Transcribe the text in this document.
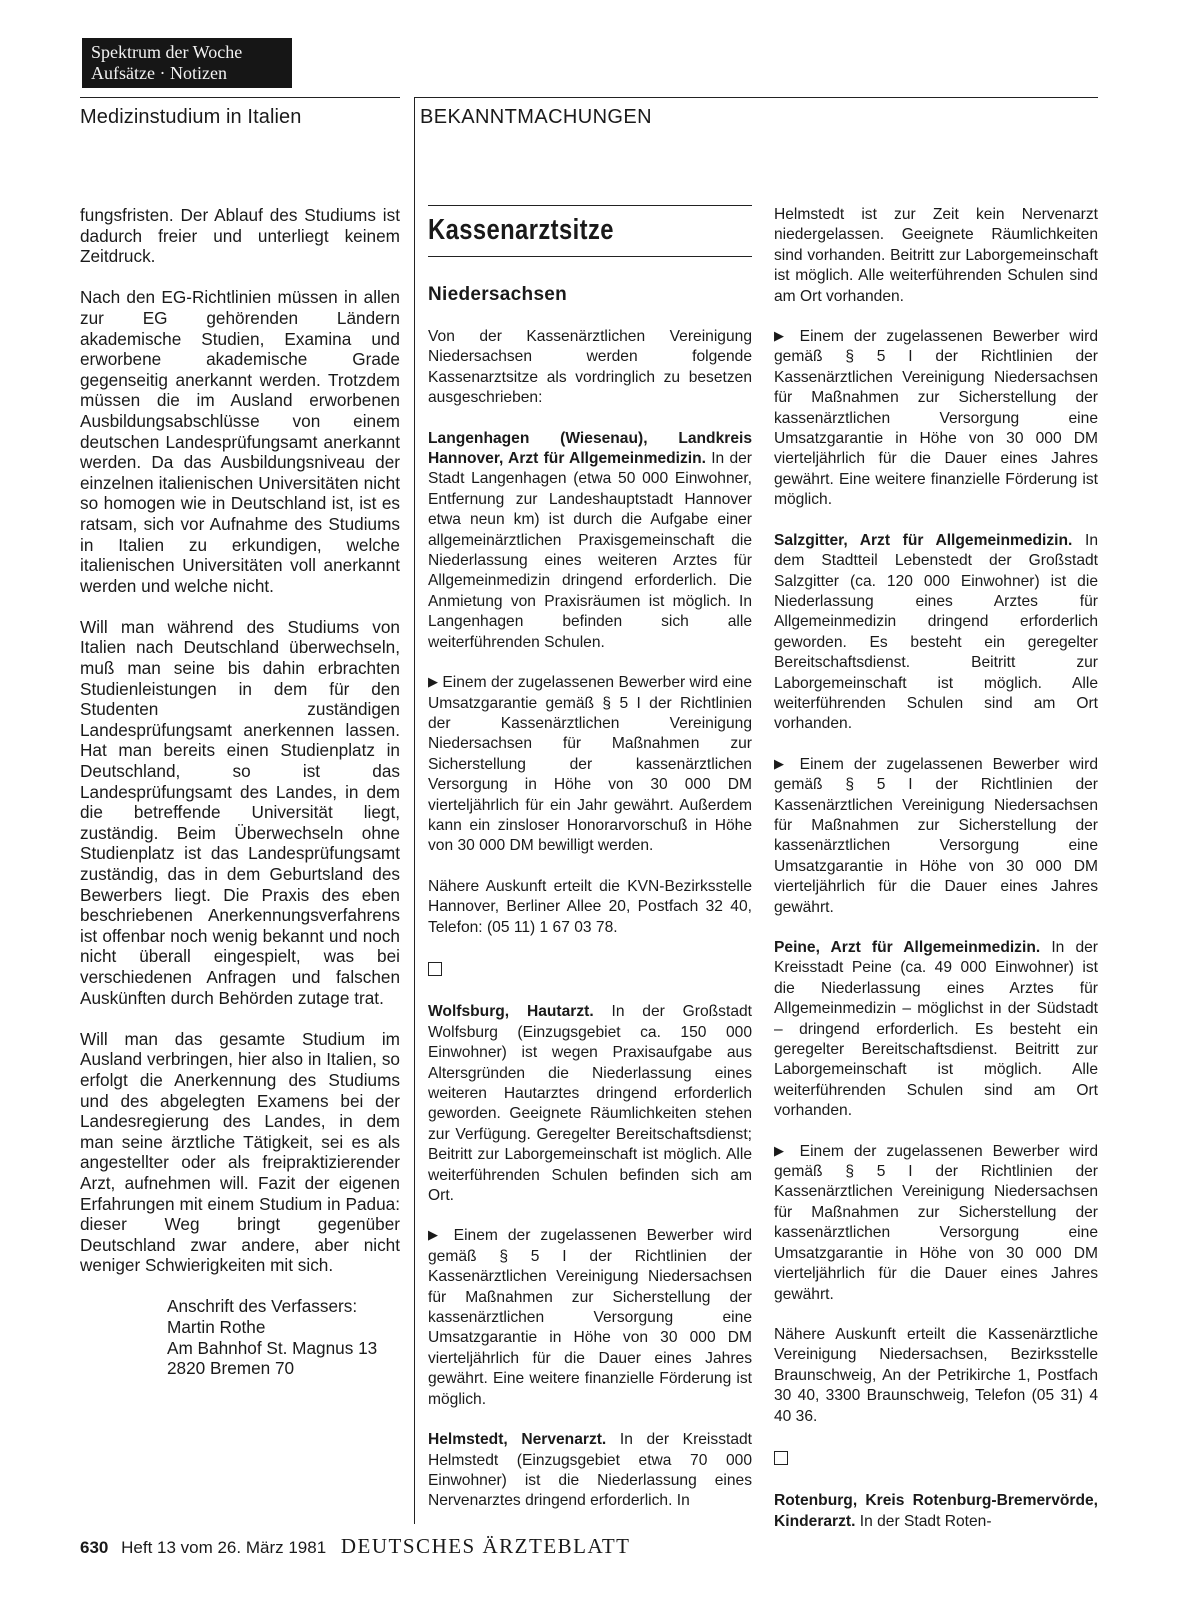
Spektrum der Woche
Aufsätze · Notizen
Medizinstudium in Italien	BEKANNTMACHUNGEN

fungsfristen. Der Ablauf des Studiums ist dadurch freier und unterliegt keinem Zeitdruck.

Nach den EG-Richtlinien müssen in allen zur EG gehörenden Ländern akademische Studien, Examina und erworbene akademische Grade gegenseitig anerkannt werden. Trotzdem müssen die im Ausland erworbenen Ausbildungsabschlüsse von einem deutschen Landesprüfungsamt anerkannt werden. Da das Ausbildungsniveau der einzelnen italienischen Universitäten nicht so homogen wie in Deutschland ist, ist es ratsam, sich vor Aufnahme des Studiums in Italien zu erkundigen, welche italienischen Universitäten voll anerkannt werden und welche nicht.

Will man während des Studiums von Italien nach Deutschland überwechseln, muß man seine bis dahin erbrachten Studienleistungen in dem für den Studenten zuständigen Landesprüfungsamt anerkennen lassen. Hat man bereits einen Studienplatz in Deutschland, so ist das Landesprüfungsamt des Landes, in dem die betreffende Universität liegt, zuständig. Beim Überwechseln ohne Studienplatz ist das Landesprüfungsamt zuständig, das in dem Geburtsland des Bewerbers liegt. Die Praxis des eben beschriebenen Anerkennungsverfahrens ist offenbar noch wenig bekannt und noch nicht überall eingespielt, was bei verschiedenen Anfragen und falschen Auskünften durch Behörden zutage trat.

Will man das gesamte Studium im Ausland verbringen, hier also in Italien, so erfolgt die Anerkennung des Studiums und des abgelegten Examens bei der Landesregierung des Landes, in dem man seine ärztliche Tätigkeit, sei es als angestellter oder als freipraktizierender Arzt, aufnehmen will. Fazit der eigenen Erfahrungen mit einem Studium in Padua: dieser Weg bringt gegenüber Deutschland zwar andere, aber nicht weniger Schwierigkeiten mit sich.

Anschrift des Verfassers:
Martin Rothe
Am Bahnhof St. Magnus 13
2820 Bremen 70
Kassenarztsitze
Niedersachsen

Von der Kassenärztlichen Vereinigung Niedersachsen werden folgende Kassenarztsitze als vordringlich zu besetzen ausgeschrieben:

Langenhagen (Wiesenau), Landkreis Hannover, Arzt für Allgemeinmedizin. In der Stadt Langenhagen (etwa 50 000 Einwohner, Entfernung zur Landeshauptstadt Hannover etwa neun km) ist durch die Aufgabe einer allgemeinärztlichen Praxisgemeinschaft die Niederlassung eines weiteren Arztes für Allgemeinmedizin dringend erforderlich. Die Anmietung von Praxisräumen ist möglich. In Langenhagen befinden sich alle weiterführenden Schulen.

▶ Einem der zugelassenen Bewerber wird eine Umsatzgarantie gemäß § 5 I der Richtlinien der Kassenärztlichen Vereinigung Niedersachsen für Maßnahmen zur Sicherstellung der kassenärztlichen Versorgung in Höhe von 30 000 DM vierteljährlich für ein Jahr gewährt. Außerdem kann ein zinsloser Honorarvorschuß in Höhe von 30 000 DM bewilligt werden.

Nähere Auskunft erteilt die KVN-Bezirksstelle Hannover, Berliner Allee 20, Postfach 32 40, Telefon: (05 11) 1 67 03 78.

Wolfsburg, Hautarzt. In der Großstadt Wolfsburg (Einzugsgebiet ca. 150 000 Einwohner) ist wegen Praxisaufgabe aus Altersgründen die Niederlassung eines weiteren Hautarztes dringend erforderlich geworden. Geeignete Räumlichkeiten stehen zur Verfügung. Geregelter Bereitschaftsdienst; Beitritt zur Laborgemeinschaft ist möglich. Alle weiterführenden Schulen befinden sich am Ort.

▶ Einem der zugelassenen Bewerber wird gemäß § 5 I der Richtlinien der Kassenärztlichen Vereinigung Niedersachsen für Maßnahmen zur Sicherstellung der kassenärztlichen Versorgung eine Umsatzgarantie in Höhe von 30 000 DM vierteljährlich für die Dauer eines Jahres gewährt. Eine weitere finanzielle Förderung ist möglich.

Helmstedt, Nervenarzt. In der Kreisstadt Helmstedt (Einzugsgebiet etwa 70 000 Einwohner) ist die Niederlassung eines Nervenarztes dringend erforderlich. In

Helmstedt ist zur Zeit kein Nervenarzt niedergelassen. Geeignete Räumlichkeiten sind vorhanden. Beitritt zur Laborgemeinschaft ist möglich. Alle weiterführenden Schulen sind am Ort vorhanden.

▶ Einem der zugelassenen Bewerber wird gemäß § 5 I der Richtlinien der Kassenärztlichen Vereinigung Niedersachsen für Maßnahmen zur Sicherstellung der kassenärztlichen Versorgung eine Umsatzgarantie in Höhe von 30 000 DM vierteljährlich für die Dauer eines Jahres gewährt. Eine weitere finanzielle Förderung ist möglich.

Salzgitter, Arzt für Allgemeinmedizin. In dem Stadtteil Lebenstedt der Großstadt Salzgitter (ca. 120 000 Einwohner) ist die Niederlassung eines Arztes für Allgemeinmedizin dringend erforderlich geworden. Es besteht ein geregelter Bereitschaftsdienst. Beitritt zur Laborgemeinschaft ist möglich. Alle weiterführenden Schulen sind am Ort vorhanden.

▶ Einem der zugelassenen Bewerber wird gemäß § 5 I der Richtlinien der Kassenärztlichen Vereinigung Niedersachsen für Maßnahmen zur Sicherstellung der kassenärztlichen Versorgung eine Umsatzgarantie in Höhe von 30 000 DM vierteljährlich für die Dauer eines Jahres gewährt.

Peine, Arzt für Allgemeinmedizin. In der Kreisstadt Peine (ca. 49 000 Einwohner) ist die Niederlassung eines Arztes für Allgemeinmedizin – möglichst in der Südstadt – dringend erforderlich. Es besteht ein geregelter Bereitschaftsdienst. Beitritt zur Laborgemeinschaft ist möglich. Alle weiterführenden Schulen sind am Ort vorhanden.

▶ Einem der zugelassenen Bewerber wird gemäß § 5 I der Richtlinien der Kassenärztlichen Vereinigung Niedersachsen für Maßnahmen zur Sicherstellung der kassenärztlichen Versorgung eine Umsatzgarantie in Höhe von 30 000 DM vierteljährlich für die Dauer eines Jahres gewährt.

Nähere Auskunft erteilt die Kassenärztliche Vereinigung Niedersachsen, Bezirksstelle Braunschweig, An der Petrikirche 1, Postfach 30 40, 3300 Braunschweig, Telefon (05 31) 4 40 36.

Rotenburg, Kreis Rotenburg-Bremervörde, Kinderarzt. In der Stadt Roten-

630 Heft 13 vom 26. März 1981 DEUTSCHES ÄRZTEBLATT
